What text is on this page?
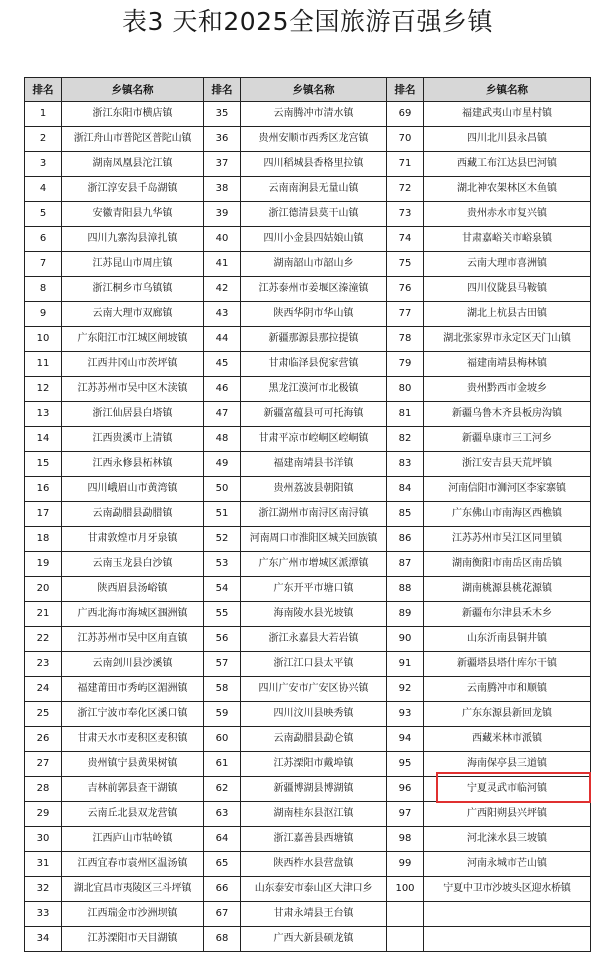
表3 天和2025全国旅游百强乡镇
排名	乡镇名称	排名	乡镇名称	排名	乡镇名称
1	浙江东阳市横店镇	35	云南腾冲市清水镇	69	福建武夷山市星村镇
2	浙江舟山市普陀区普陀山镇	36	贵州安顺市西秀区龙宫镇	70	四川北川县永昌镇
3	湖南凤凰县沱江镇	37	四川稻城县香格里拉镇	71	西藏工布江达县巴河镇
4	浙江淳安县千岛湖镇	38	云南南涧县无量山镇	72	湖北神农架林区木鱼镇
5	安徽青阳县九华镇	39	浙江德清县莫干山镇	73	贵州赤水市复兴镇
6	四川九寨沟县漳扎镇	40	四川小金县四姑娘山镇	74	甘肃嘉峪关市峪泉镇
7	江苏昆山市周庄镇	41	湖南韶山市韶山乡	75	云南大理市喜洲镇
8	浙江桐乡市乌镇镇	42	江苏泰州市姜堰区溱潼镇	76	四川仪陇县马鞍镇
9	云南大理市双廊镇	43	陕西华阴市华山镇	77	湖北上杭县古田镇
10	广东阳江市江城区闸坡镇	44	新疆那源县那拉提镇	78	湖北张家界市永定区天门山镇
11	江西井冈山市茨坪镇	45	甘肃临泽县倪家营镇	79	福建南靖县梅林镇
12	江苏苏州市吴中区木渎镇	46	黑龙江漠河市北极镇	80	贵州黔西市金坡乡
13	浙江仙居县白塔镇	47	新疆富蕴县可可托海镇	81	新疆乌鲁木齐县板房沟镇
14	江西贵溪市上清镇	48	甘肃平凉市崆峒区崆峒镇	82	新疆阜康市三工河乡
15	江西永修县柘林镇	49	福建南靖县书洋镇	83	浙江安吉县天荒坪镇
16	四川峨眉山市黄湾镇	50	贵州荔波县朝阳镇	84	河南信阳市浉河区李家寨镇
17	云南勐腊县勐腊镇	51	浙江湖州市南浔区南浔镇	85	广东佛山市南海区西樵镇
18	甘肃敦煌市月牙泉镇	52	河南周口市淮阳区城关回族镇	86	江苏苏州市吴江区同里镇
19	云南玉龙县白沙镇	53	广东广州市增城区派潭镇	87	湖南衡阳市南岳区南岳镇
20	陕西眉县汤峪镇	54	广东开平市塘口镇	88	湖南桃源县桃花源镇
21	广西北海市海城区涠洲镇	55	海南陵水县光坡镇	89	新疆布尔津县禾木乡
22	江苏苏州市吴中区甪直镇	56	浙江永嘉县大若岩镇	90	山东沂南县铜井镇
23	云南剑川县沙溪镇	57	浙江江口县太平镇	91	新疆塔县塔什库尔干镇
24	福建莆田市秀屿区湄洲镇	58	四川广安市广安区协兴镇	92	云南腾冲市和顺镇
25	浙江宁波市奉化区溪口镇	59	四川汶川县映秀镇	93	广东东源县新回龙镇
26	甘肃天水市麦积区麦积镇	60	云南勐腊县勐仑镇	94	西藏米林市派镇
27	贵州镇宁县黄果树镇	61	江苏溧阳市戴埠镇	95	海南保亭县三道镇
28	吉林前郭县查干湖镇	62	新疆博湖县博湖镇	96	宁夏灵武市临河镇
29	云南丘北县双龙营镇	63	湖南桂东县沤江镇	97	广西阳朔县兴坪镇
30	江西庐山市牯岭镇	64	浙江嘉善县西塘镇	98	河北涞水县三坡镇
31	江西宜春市袁州区温汤镇	65	陕西柞水县营盘镇	99	河南永城市芒山镇
32	湖北宜昌市夷陵区三斗坪镇	66	山东泰安市泰山区大津口乡	100	宁夏中卫市沙坡头区迎水桥镇
33	江西瑞金市沙洲坝镇	67	甘肃永靖县王台镇		
34	江苏溧阳市天目湖镇	68	广西大新县硕龙镇		
